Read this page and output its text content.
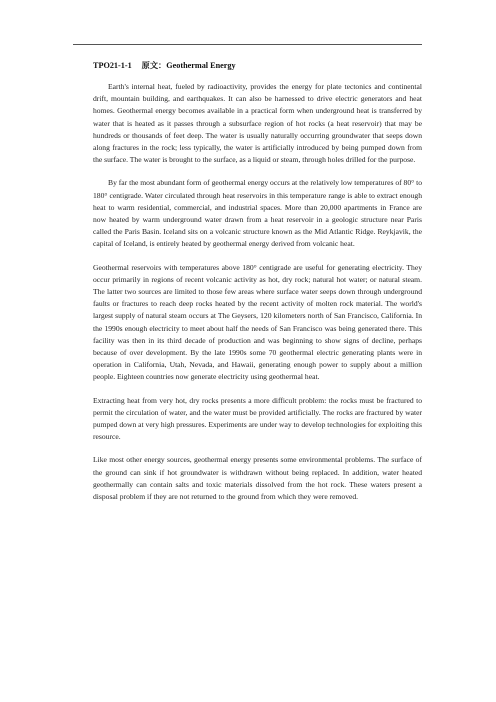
TPO21-1-1 原文：Geothermal Energy

Earth's internal heat, fueled by radioactivity, provides the energy for plate tectonics and continental drift, mountain building, and earthquakes. It can also be harnessed to drive electric generators and heat homes. Geothermal energy becomes available in a practical form when underground heat is transferred by water that is heated as it passes through a subsurface region of hot rocks (a heat reservoir) that may be hundreds or thousands of feet deep. The water is usually naturally occurring groundwater that seeps down along fractures in the rock; less typically, the water is artificially introduced by being pumped down from the surface. The water is brought to the surface, as a liquid or steam, through holes drilled for the purpose.

By far the most abundant form of geothermal energy occurs at the relatively low temperatures of 80° to 180° centigrade. Water circulated through heat reservoirs in this temperature range is able to extract enough heat to warm residential, commercial, and industrial spaces. More than 20,000 apartments in France are now heated by warm underground water drawn from a heat reservoir in a geologic structure near Paris called the Paris Basin. Iceland sits on a volcanic structure known as the Mid Atlantic Ridge. Reykjavik, the capital of Iceland, is entirely heated by geothermal energy derived from volcanic heat.

Geothermal reservoirs with temperatures above 180° centigrade are useful for generating electricity. They occur primarily in regions of recent volcanic activity as hot, dry rock; natural hot water; or natural steam. The latter two sources are limited to those few areas where surface water seeps down through underground faults or fractures to reach deep rocks heated by the recent activity of molten rock material. The world's largest supply of natural steam occurs at The Geysers, 120 kilometers north of San Francisco, California. In the 1990s enough electricity to meet about half the needs of San Francisco was being generated there. This facility was then in its third decade of production and was beginning to show signs of decline, perhaps because of over development. By the late 1990s some 70 geothermal electric generating plants were in operation in California, Utah, Nevada, and Hawaii, generating enough power to supply about a million people. Eighteen countries now generate electricity using geothermal heat.

Extracting heat from very hot, dry rocks presents a more difficult problem: the rocks must be fractured to permit the circulation of water, and the water must be provided artificially. The rocks are fractured by water pumped down at very high pressures. Experiments are under way to develop technologies for exploiting this resource.

Like most other energy sources, geothermal energy presents some environmental problems. The surface of the ground can sink if hot groundwater is withdrawn without being replaced. In addition, water heated geothermally can contain salts and toxic materials dissolved from the hot rock. These waters present a disposal problem if they are not returned to the ground from which they were removed.
